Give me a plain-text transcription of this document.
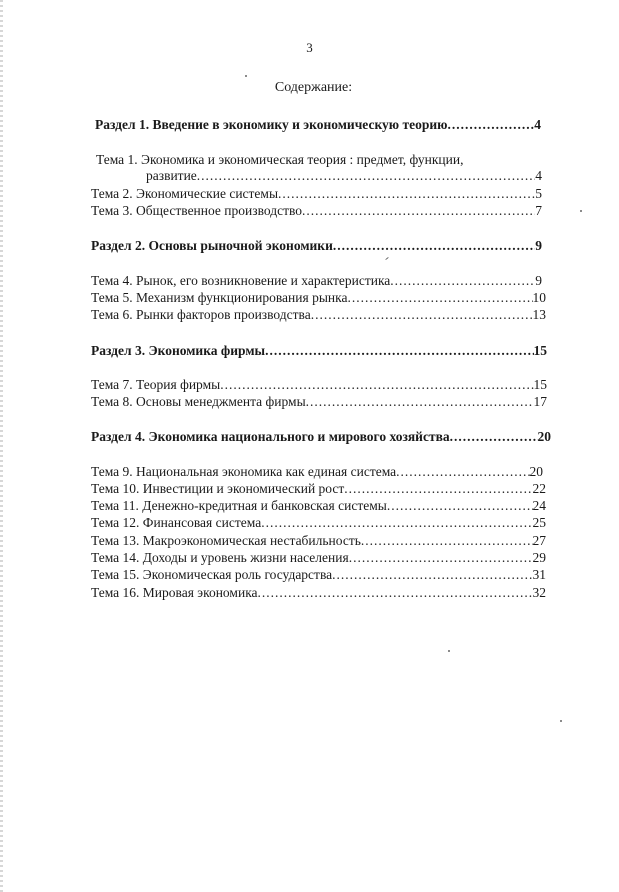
3
Содержание:
Раздел 1. Введение в экономику и экономическую теорию .....	4
Тема 1. Экономика и экономическая теория : предмет, функции,
развитие .....	4
Тема 2. Экономические системы .....	5
Тема 3. Общественное производство .....	7
Раздел 2. Основы рыночной экономики .....	9
Тема 4. Рынок, его возникновение и характеристика .....	9
Тема 5. Механизм функционирования рынка .....	10
Тема 6. Рынки факторов производства .....	13
Раздел 3. Экономика фирмы .....	15
Тема 7. Теория фирмы .....	15
Тема 8. Основы менеджмента фирмы .....	17
Раздел 4. Экономика национального и мирового хозяйства .....	20
Тема 9. Национальная экономика как единая система .....	20
Тема 10. Инвестиции и экономический рост .....	22
Тема 11. Денежно-кредитная и банковская системы .....	24
Тема 12. Финансовая система .....	25
Тема 13. Макроэкономическая нестабильность .....	27
Тема 14. Доходы и уровень жизни населения .....	29
Тема 15. Экономическая роль государства .....	31
Тема 16. Мировая экономика .....	32
